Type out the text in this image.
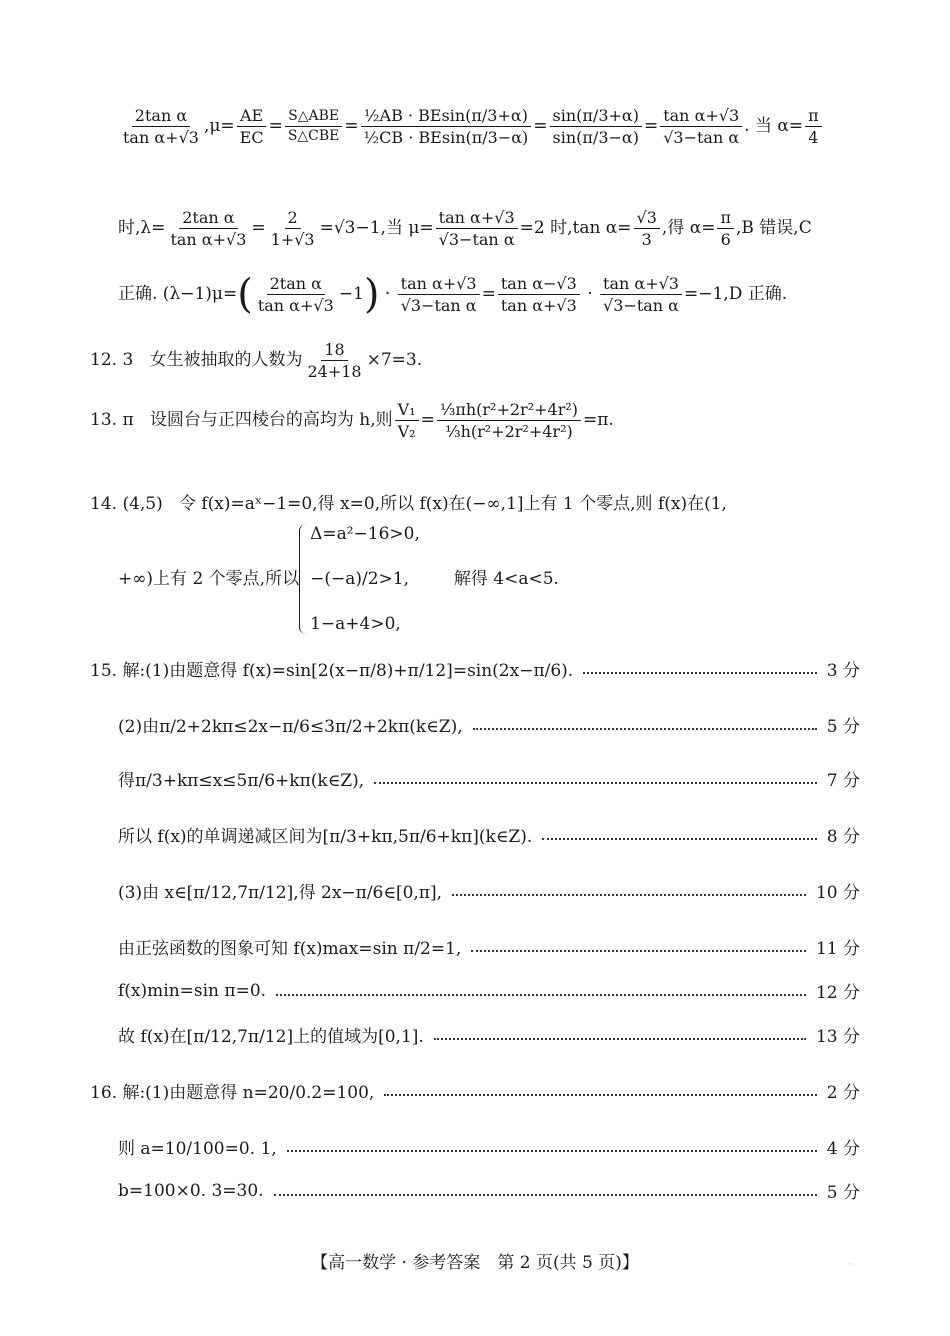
$\frac{\text{2tan α}}{\text{tan α+√3}} ,\mu= \frac{AE}{EC} = \frac{\text{S△ABE}}{\text{S△CBE}} = \frac{\text{½AB · BEsin(π/3+α)}}{\text{½CB · BEsin(π/3−α)}} = \frac{\sin(\pi/3+\alpha)}{\sin(\pi/3-\alpha)} = \frac{\text{tan α+√3}}{\text{√3−tan α}}$ . 当 $\alpha= \frac{\pi}{4}$
时$,\lambda= \frac{\text{2tan α}}{\text{tan α+√3}} = \frac{2}{1+√3} =√3-1$,当 $\mu= \frac{\text{tan α+√3}}{\text{√3−tan α}} =2$ 时,tan $\alpha= \frac{√3}{3}$ ,得 $\alpha= \frac{\pi}{6} ,B$ 错误,C
正确. $(\lambda-1)\mu=( \frac{\text{2tan α}}{\text{tan α+√3}} -1) \cdot \frac{\text{tan α+√3}}{\text{√3−tan α}} = \frac{\text{tan α−√3}}{\text{tan α+√3}} \cdot \frac{\text{tan α+√3}}{\text{√3−tan α}} =-1,D$ 正确.
12. 3 女生被抽取的人数为 $\frac{18}{24+18} \times 7=3$.
13. π 设圆台与正四棱台的高均为 h,则 $\frac{\text{V₁}}{\text{V₂}} = \frac{\text{⅓πh(r²+2r²+4r²)}}{\text{⅓h(r²+2r²+4r²)}} =\pi$.
14. (4,5) 令 f(x)=aˣ−1=0,得 x=0,所以 f(x)在(−∞,1]上有 1 个零点,则 f(x)在(1,
+∞)上有 2 个零点,所以
Δ=a²−16>0,
−(−a)/2>1,
1−a+4>0,
解得 4<a<5.
15. 解:(1)由题意得 f(x)=sin[2(x−π/8)+π/12]=sin(2x−π/6).	3 分
(2)由π/2+2kπ≤2x−π/6≤3π/2+2kπ(k∈Z),	5 分
得π/3+kπ≤x≤5π/6+kπ(k∈Z),	7 分
所以 f(x)的单调递减区间为[π/3+kπ,5π/6+kπ](k∈Z).	8 分
(3)由 x∈[π/12,7π/12],得 2x−π/6∈[0,π],	10 分
由正弦函数的图象可知 f(x)max=sin π/2=1,	11 分
f(x)min=sin π=0.	12 分
故 f(x)在[π/12,7π/12]上的值域为[0,1].	13 分
16. 解:(1)由题意得 n=20/0.2=100,	2 分
则 a=10/100=0. 1,	4 分
b=100×0. 3=30.	5 分
【高一数学 · 参考答案　第 2 页(共 5 页)】	··
